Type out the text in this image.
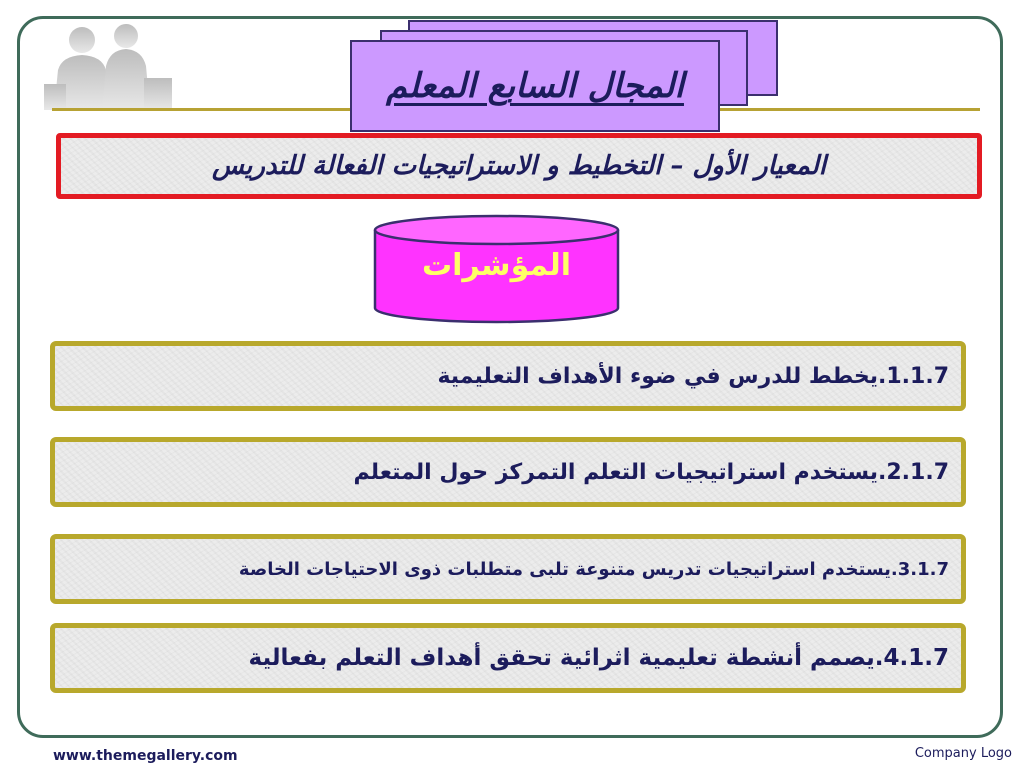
المجال السابع المعلم
المعيار الأول – التخطيط و الاستراتيجيات الفعالة للتدريس
المؤشرات
1.1.7.يخطط للدرس في ضوء الأهداف التعليمية
2.1.7.يستخدم استراتيجيات التعلم التمركز حول المتعلم
3.1.7.يستخدم استراتيجيات تدريس متنوعة تلبى متطلبات ذوى الاحتياجات الخاصة
4.1.7.يصمم أنشطة تعليمية اثرائية تحقق أهداف التعلم بفعالية
www.themegallery.com	Company Logo
